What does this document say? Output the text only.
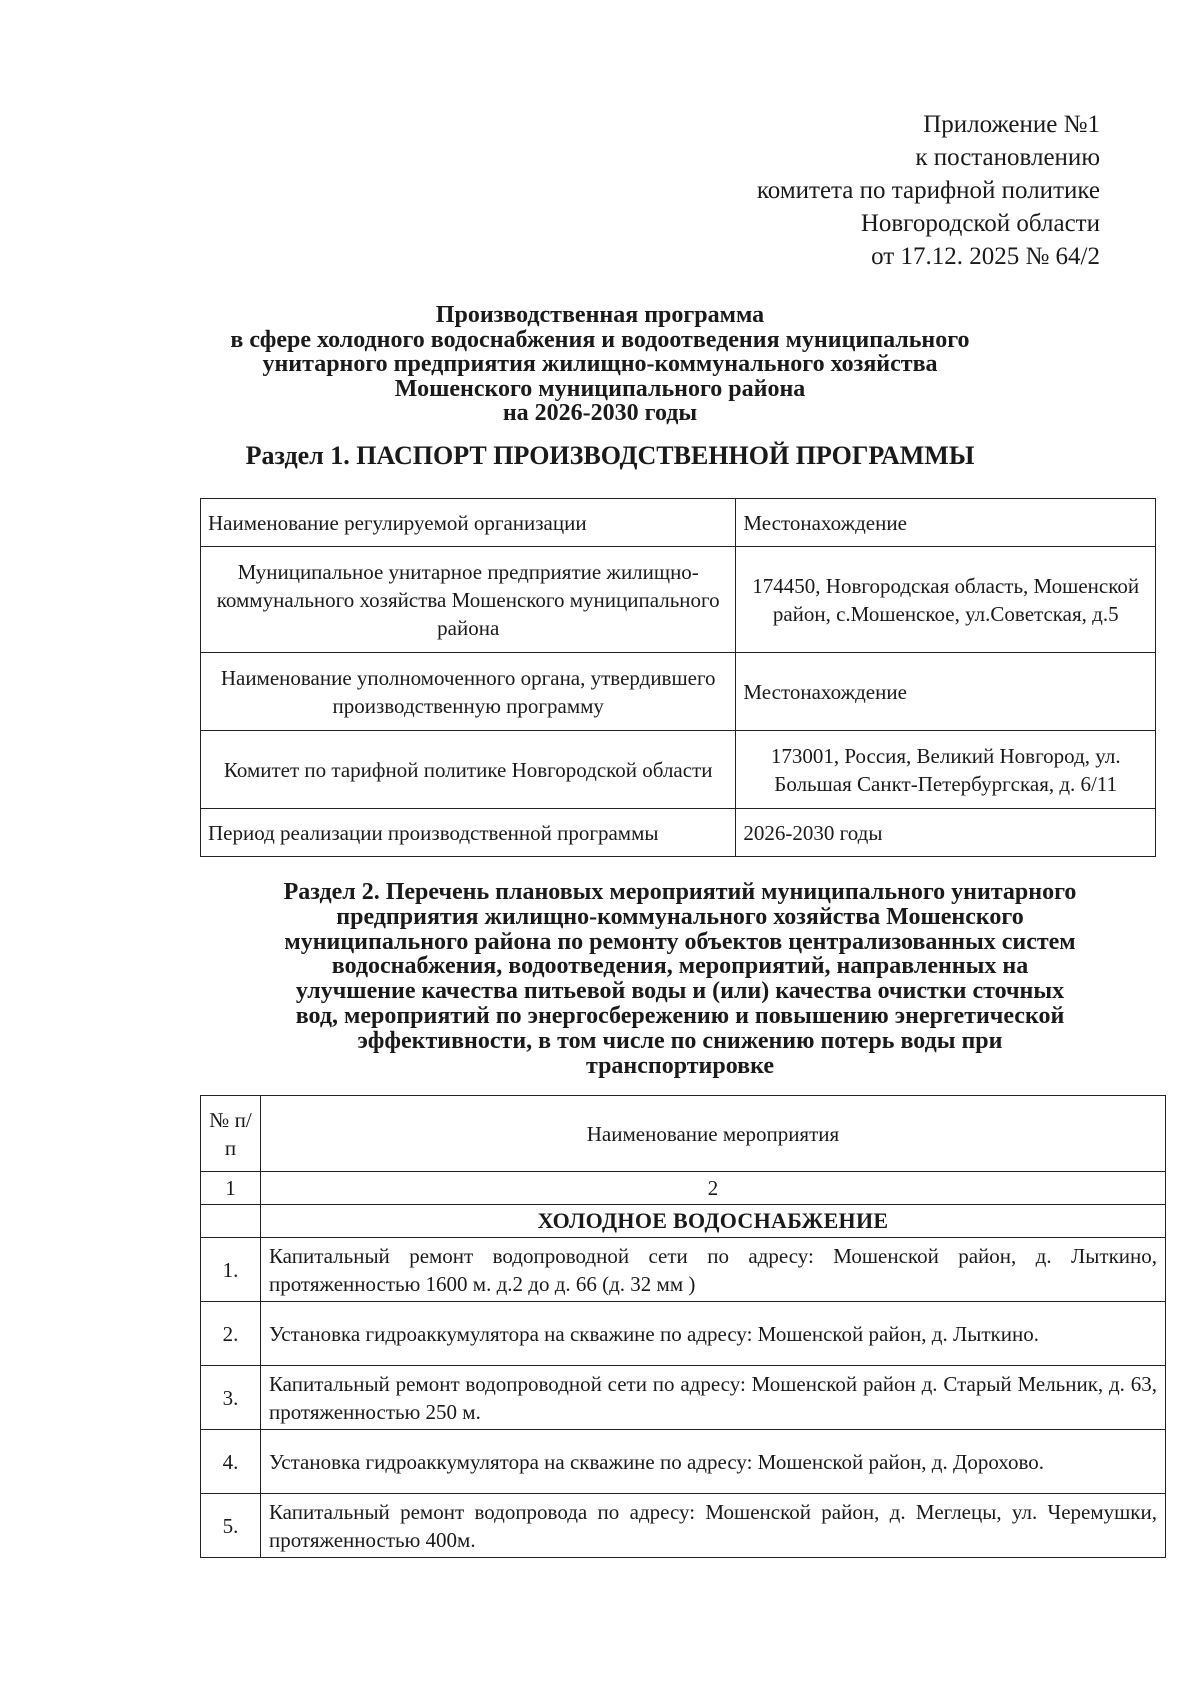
Приложение №1
к постановлению
комитета по тарифной политике
Новгородской области
от 17.12. 2025 № 64/2
Производственная программа
в сфере холодного водоснабжения и водоотведения муниципального
унитарного предприятия жилищно-коммунального хозяйства
Мошенского муниципального района
на 2026-2030 годы
Раздел 1. ПАСПОРТ ПРОИЗВОДСТВЕННОЙ ПРОГРАММЫ
Наименование регулируемой организации	Местонахождение
Муниципальное унитарное предприятие жилищно-коммунального хозяйства Мошенского муниципального района	174450, Новгородская область, Мошенской район, с.Мошенское, ул.Советская, д.5
Наименование уполномоченного органа, утвердившего производственную программу	Местонахождение
Комитет по тарифной политике Новгородской области	173001, Россия, Великий Новгород, ул. Большая Санкт-Петербургская, д. 6/11
Период реализации производственной программы	2026-2030 годы
Раздел 2. Перечень плановых мероприятий муниципального унитарного
предприятия жилищно-коммунального хозяйства Мошенского
муниципального района по ремонту объектов централизованных систем
водоснабжения, водоотведения, мероприятий, направленных на
улучшение качества питьевой воды и (или) качества очистки сточных
вод, мероприятий по энергосбережению и повышению энергетической
эффективности, в том числе по снижению потерь воды при
транспортировке
№ п/п	Наименование мероприятия
1	2
	ХОЛОДНОЕ ВОДОСНАБЖЕНИЕ
1.	Капитальный ремонт водопроводной сети по адресу: Мошенской район, д. Лыткино, протяженностью 1600 м. д.2 до д. 66 (д. 32 мм )
2.	Установка гидроаккумулятора на скважине по адресу: Мошенской район, д. Лыткино.
3.	Капитальный ремонт водопроводной сети по адресу: Мошенской район д. Старый Мельник, д. 63, протяженностью 250 м.
4.	Установка гидроаккумулятора на скважине по адресу: Мошенской район, д. Дорохово.
5.	Капитальный ремонт водопровода по адресу: Мошенской район, д. Меглецы, ул. Черемушки, протяженностью 400м.
